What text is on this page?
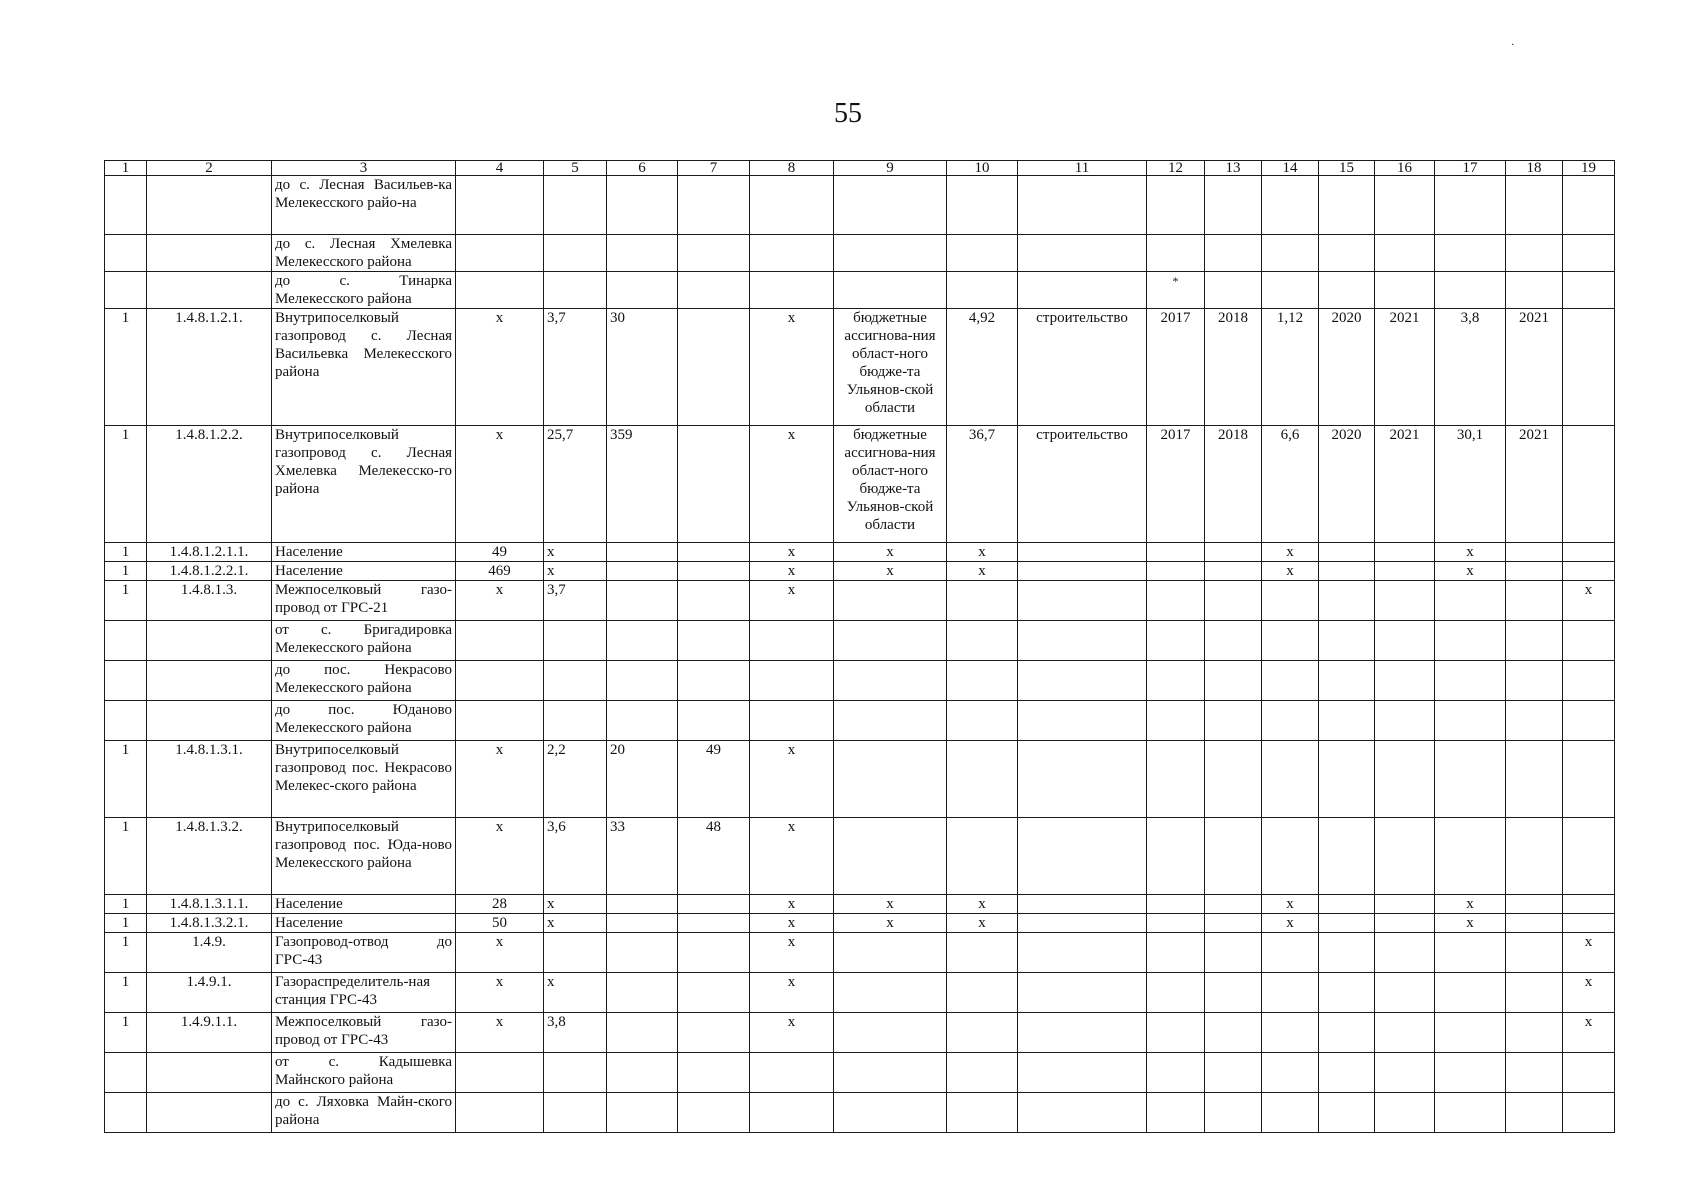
55
․
1	2	3	4	5	6	7	8	9	10	11	12	13	14	15	16	17	18	19
		до с. Лесная Васильев-ка Мелекесского райо-на																
		до с. Лесная Хмелевка Мелекесского района																
		до с. Тинарка Мелекесского района									*							
1	1.4.8.1.2.1.	Внутрипоселковый газопровод с. Лесная Васильевка Мелекесского района	х	3,7	30		х	бюджетные ассигнова-ния област-ного бюдже-та Ульянов-ской области	4,92	строительство	2017	2018	1,12	2020	2021	3,8	2021	
1	1.4.8.1.2.2.	Внутрипоселковый газопровод с. Лесная Хмелевка Мелекесско-го района	х	25,7	359		х	бюджетные ассигнова-ния област-ного бюдже-та Ульянов-ской области	36,7	строительство	2017	2018	6,6	2020	2021	30,1	2021	
1	1.4.8.1.2.1.1.	Население	49	х			х	х	х				х			х		
1	1.4.8.1.2.2.1.	Население	469	х			х	х	х				х			х		
1	1.4.8.1.3.	Межпоселковый газо-провод от ГРС-21	х	3,7			х											х
		от с. Бригадировка Мелекесского района																
		до пос. Некрасово Мелекесского района																
		до пос. Юданово Мелекесского района																
1	1.4.8.1.3.1.	Внутрипоселковый газопровод пос. Некрасово Мелекес-ского района	х	2,2	20	49	х											
1	1.4.8.1.3.2.	Внутрипоселковый газопровод пос. Юда-ново Мелекесского района	х	3,6	33	48	х											
1	1.4.8.1.3.1.1.	Население	28	х			х	х	х				х			х		
1	1.4.8.1.3.2.1.	Население	50	х			х	х	х				х			х		
1	1.4.9.	Газопровод-отвод до ГРС-43	х				х											х
1	1.4.9.1.	Газораспределитель-ная станция ГРС-43	х	х			х											х
1	1.4.9.1.1.	Межпоселковый газо-провод от ГРС-43	х	3,8			х											х
		от с. Кадышевка Майнского района																
		до с. Ляховка Майн-ского района																
